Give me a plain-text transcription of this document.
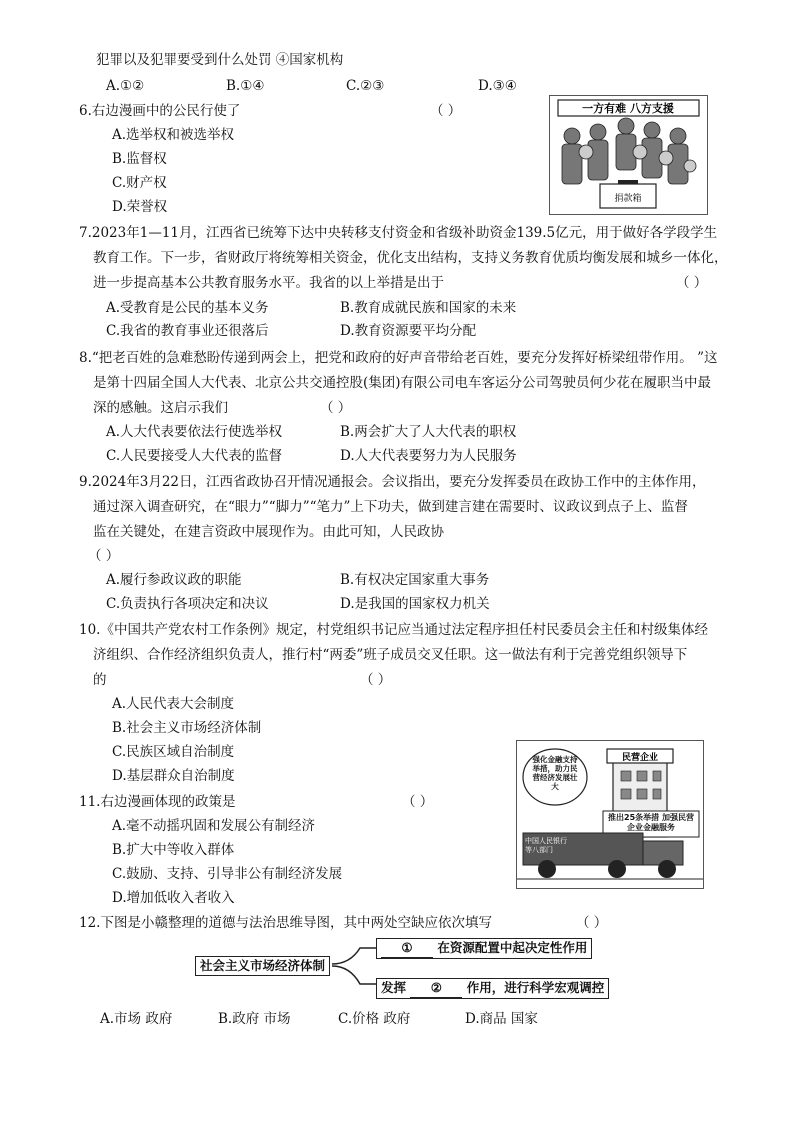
犯罪以及犯罪要受到什么处罚 ④国家机构
A.①②	B.①④	C.②③	D.③④
6.右边漫画中的公民行使了	（ ）
A.选举权和被选举权
B.监督权
C.财产权
D.荣誉权
一方有难 八方支援
捐款箱
7.2023年1—11月，江西省已统筹下达中央转移支付资金和省级补助资金139.5亿元，用于做好各学段学生
教育工作。下一步，省财政厅将统筹相关资金，优化支出结构，支持义务教育优质均衡发展和城乡一体化，
进一步提高基本公共教育服务水平。我省的以上举措是出于	（ ）
A.受教育是公民的基本义务	B.教育成就民族和国家的未来
C.我省的教育事业还很落后	D.教育资源要平均分配
8.“把老百姓的急难愁盼传递到两会上，把党和政府的好声音带给老百姓，要充分发挥好桥梁纽带作用。 ”这
是第十四届全国人大代表、北京公共交通控股(集团)有限公司电车客运分公司驾驶员何少花在履职当中最
深的感触。这启示我们	（ ）
A.人大代表要依法行使选举权	B.两会扩大了人大代表的职权
C.人民要接受人大代表的监督	D.人大代表要努力为人民服务
9.2024年3月22日，江西省政协召开情况通报会。会议指出，要充分发挥委员在政协工作中的主体作用，
通过深入调查研究，在“眼力”“脚力”“笔力”上下功夫，做到建言建在需要时、议政议到点子上、监督
监在关键处，在建言资政中展现作为。由此可知，人民政协
（ ）
A.履行参政议政的职能	B.有权决定国家重大事务
C.负责执行各项决定和决议	D.是我国的国家权力机关
10.《中国共产党农村工作条例》规定，村党组织书记应当通过法定程序担任村民委员会主任和村级集体经
济组织、合作经济组织负责人，推行村“两委”班子成员交叉任职。这一做法有利于完善党组织领导下
的	（ ）
A.人民代表大会制度
B.社会主义市场经济体制
C.民族区域自治制度
D.基层群众自治制度
强化金融支持举措，助力民营经济发展壮大
民营企业
推出25条举措 加强民营企业金融服务
中国人民银行等八部门
11.右边漫画体现的政策是	（ ）
A.毫不动摇巩固和发展公有制经济
B.扩大中等收入群体
C.鼓励、支持、引导非公有制经济发展
D.增加低收入者收入
12.下图是小赣整理的道德与法治思维导图，其中两处空缺应依次填写	（ ）
社会主义市场经济体制
① 在资源配置中起决定性作用
发挥 ② 作用，进行科学宏观调控
A.市场 政府	B.政府 市场	C.价格 政府	D.商品 国家
